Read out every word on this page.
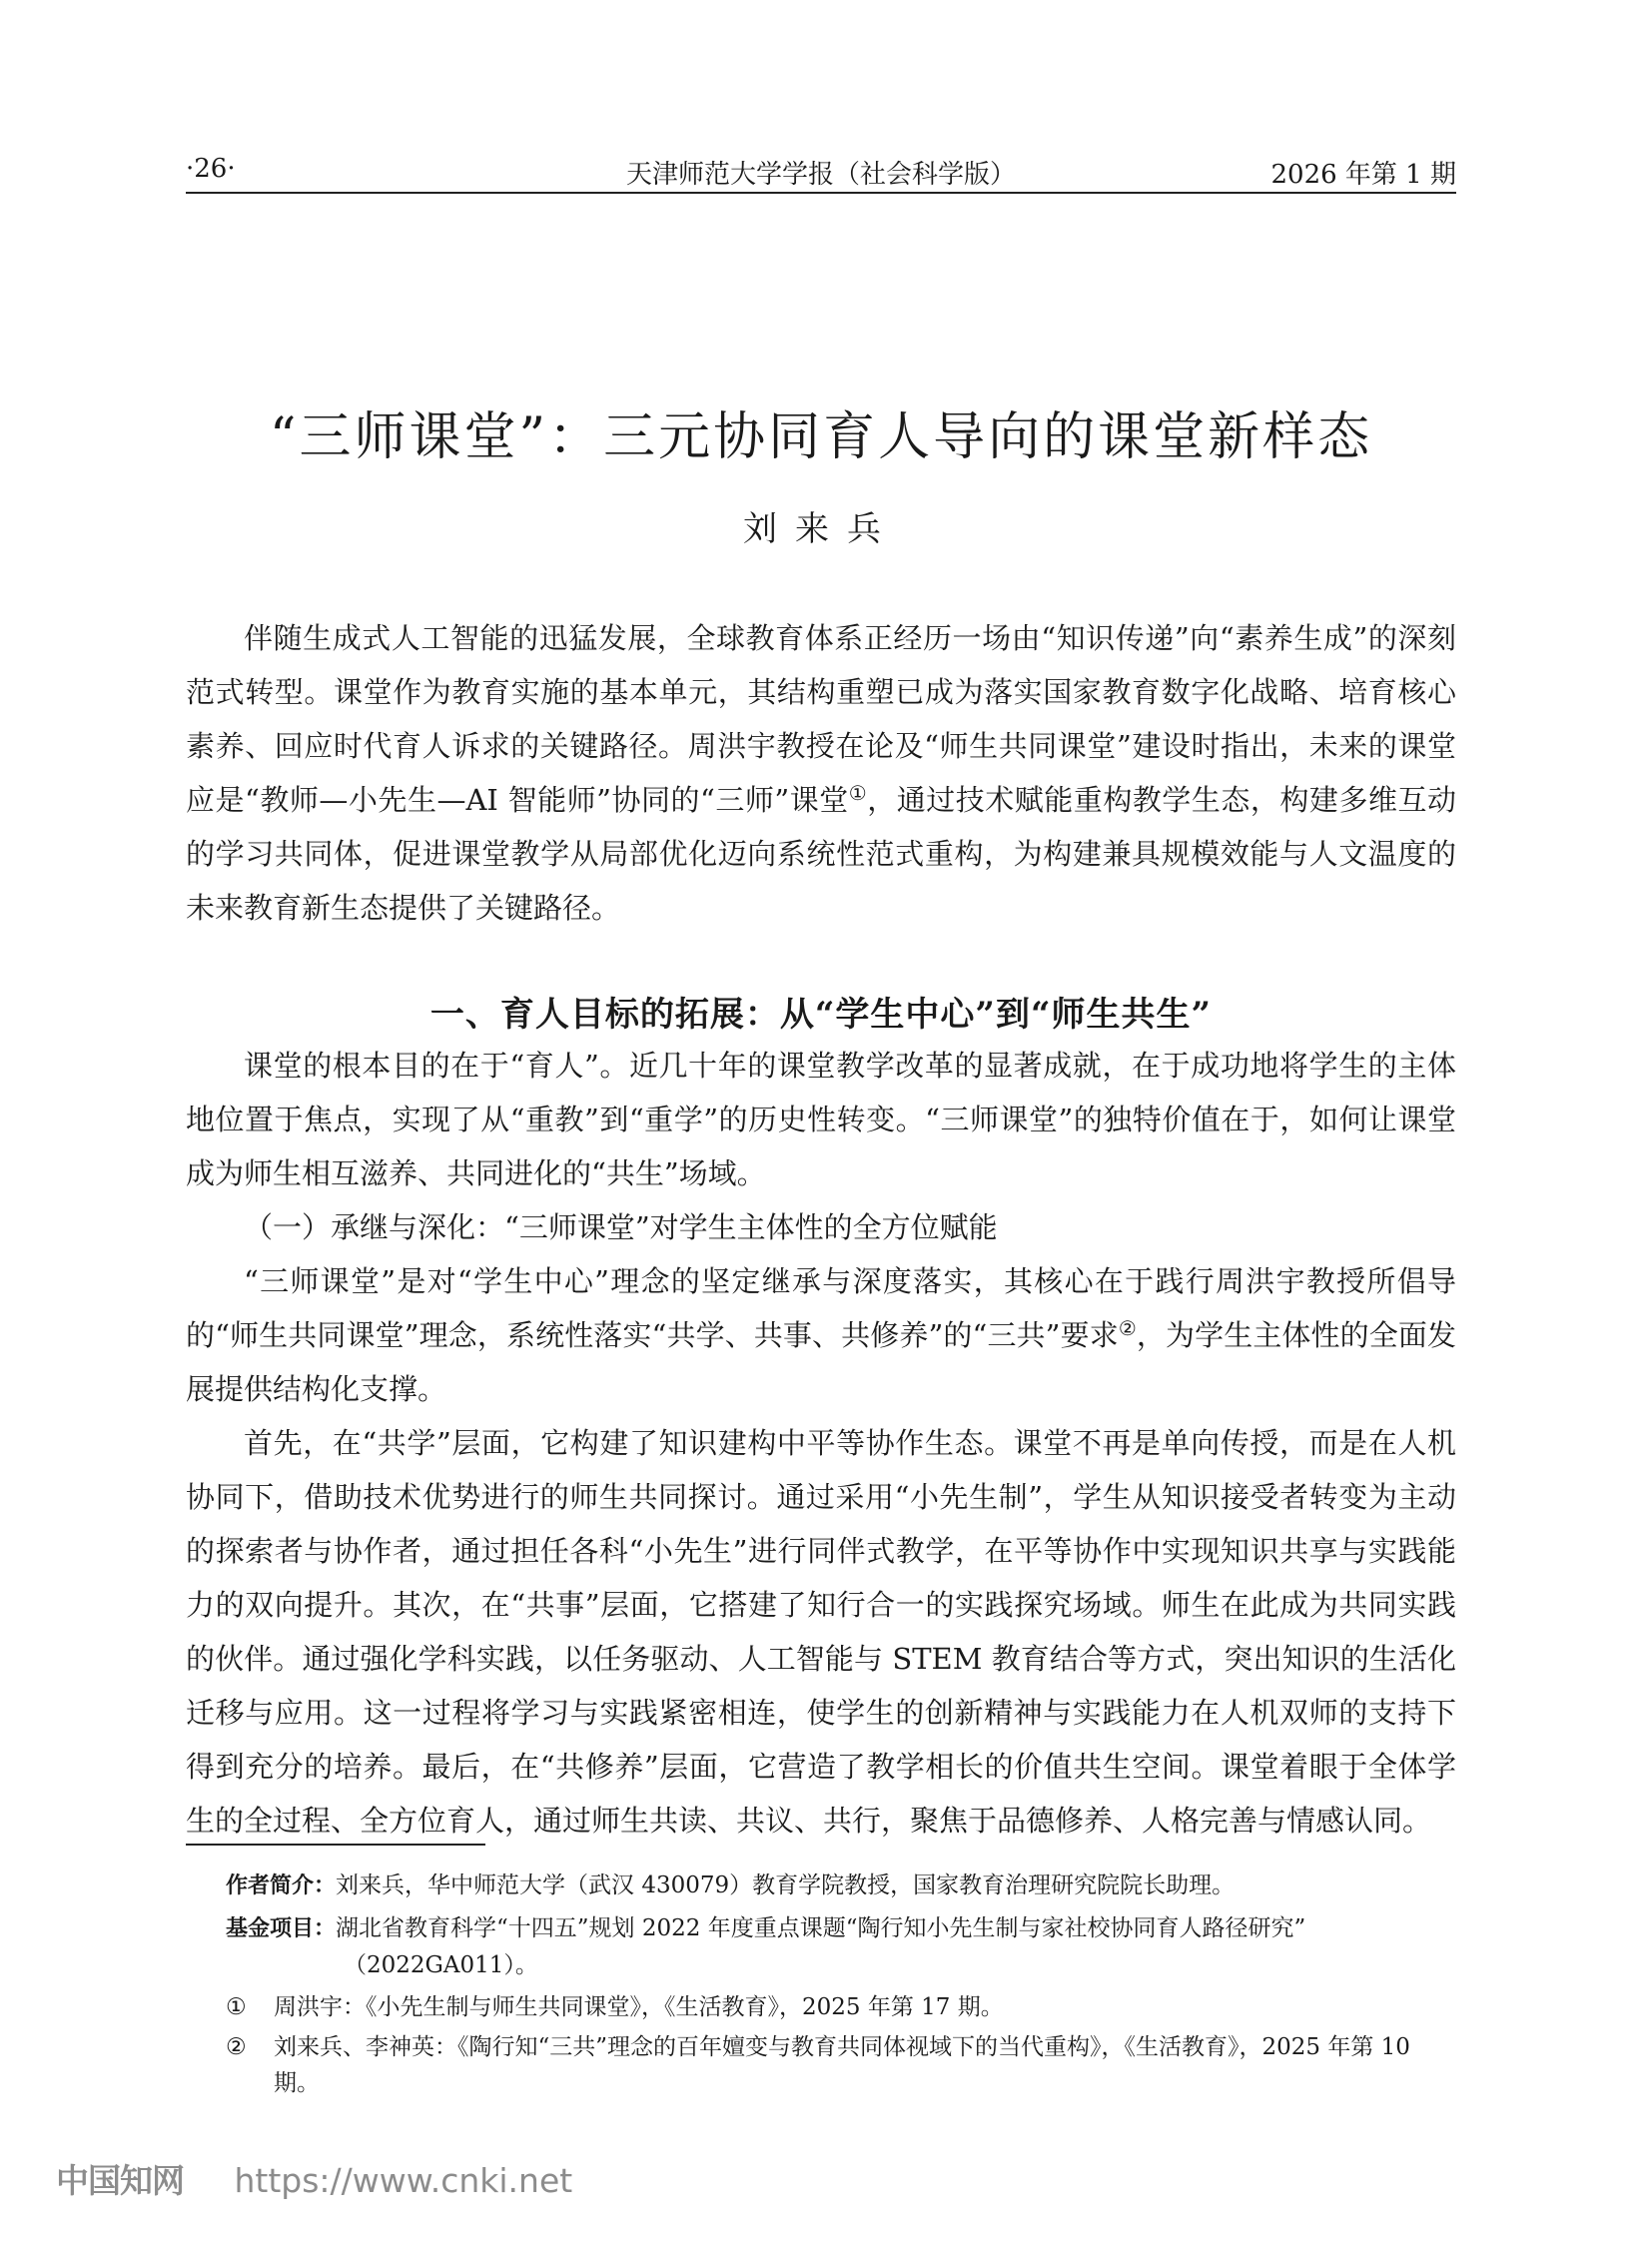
·26·	天津师范大学学报（社会科学版）	2026 年第 1 期
“三师课堂”：三元协同育人导向的课堂新样态
刘来兵

伴随生成式人工智能的迅猛发展，全球教育体系正经历一场由“知识传递”向“素养生成”的深刻范式转型。课堂作为教育实施的基本单元，其结构重塑已成为落实国家教育数字化战略、培育核心素养、回应时代育人诉求的关键路径。周洪宇教授在论及“师生共同课堂”建设时指出，未来的课堂应是“教师—小先生—AI 智能师”协同的“三师”课堂①，通过技术赋能重构教学生态，构建多维互动的学习共同体，促进课堂教学从局部优化迈向系统性范式重构，为构建兼具规模效能与人文温度的未来教育新生态提供了关键路径。

一、育人目标的拓展：从“学生中心”到“师生共生”

课堂的根本目的在于“育人”。近几十年的课堂教学改革的显著成就，在于成功地将学生的主体地位置于焦点，实现了从“重教”到“重学”的历史性转变。“三师课堂”的独特价值在于，如何让课堂成为师生相互滋养、共同进化的“共生”场域。

（一）承继与深化：“三师课堂”对学生主体性的全方位赋能

“三师课堂”是对“学生中心”理念的坚定继承与深度落实，其核心在于践行周洪宇教授所倡导的“师生共同课堂”理念，系统性落实“共学、共事、共修养”的“三共”要求②，为学生主体性的全面发展提供结构化支撑。

首先，在“共学”层面，它构建了知识建构中平等协作生态。课堂不再是单向传授，而是在人机协同下，借助技术优势进行的师生共同探讨。通过采用“小先生制”，学生从知识接受者转变为主动的探索者与协作者，通过担任各科“小先生”进行同伴式教学，在平等协作中实现知识共享与实践能力的双向提升。其次，在“共事”层面，它搭建了知行合一的实践探究场域。师生在此成为共同实践的伙伴。通过强化学科实践，以任务驱动、人工智能与 STEM 教育结合等方式，突出知识的生活化迁移与应用。这一过程将学习与实践紧密相连，使学生的创新精神与实践能力在人机双师的支持下得到充分的培养。最后，在“共修养”层面，它营造了教学相长的价值共生空间。课堂着眼于全体学生的全过程、全方位育人，通过师生共读、共议、共行，聚焦于品德修养、人格完善与情感认同。

作者简介：刘来兵，华中师范大学（武汉 430079）教育学院教授，国家教育治理研究院院长助理。
基金项目：湖北省教育科学“十四五”规划 2022 年度重点课题“陶行知小先生制与家社校协同育人路径研究”
（2022GA011）。
① 周洪宇：《小先生制与师生共同课堂》，《生活教育》，2025 年第 17 期。
② 刘来兵、李神英：《陶行知“三共”理念的百年嬗变与教育共同体视域下的当代重构》，《生活教育》，2025 年第 10 期。
中国知网 https://www.cnki.net
